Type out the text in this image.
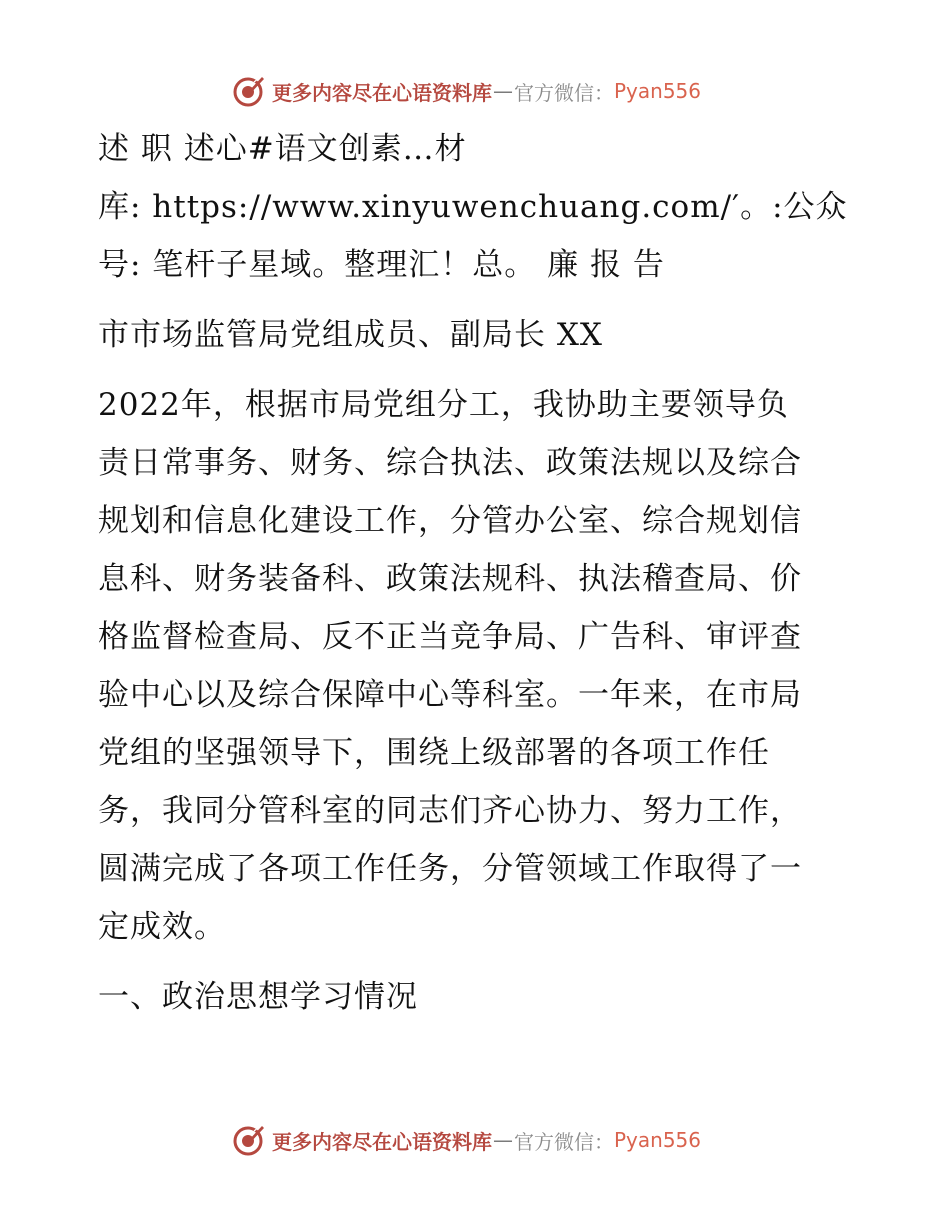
更多内容尽在心语资料库 — 官方微信： Pyan556
述 职 述心#语文创素…材
库: https://www.xinyuwenchuang.com/′。:公众
号: 笔杆子星域。整理汇！总。 廉 报 告
市市场监管局党组成员、副局长 XX
2022年，根据市局党组分工，我协助主要领导负
责日常事务、财务、综合执法、政策法规以及综合
规划和信息化建设工作，分管办公室、综合规划信
息科、财务装备科、政策法规科、执法稽查局、价
格监督检查局、反不正当竞争局、广告科、审评查
验中心以及综合保障中心等科室。一年来，在市局
党组的坚强领导下，围绕上级部署的各项工作任
务，我同分管科室的同志们齐心协力、努力工作，
圆满完成了各项工作任务，分管领域工作取得了一
定成效。
一、政治思想学习情况
更多内容尽在心语资料库 — 官方微信： Pyan556
